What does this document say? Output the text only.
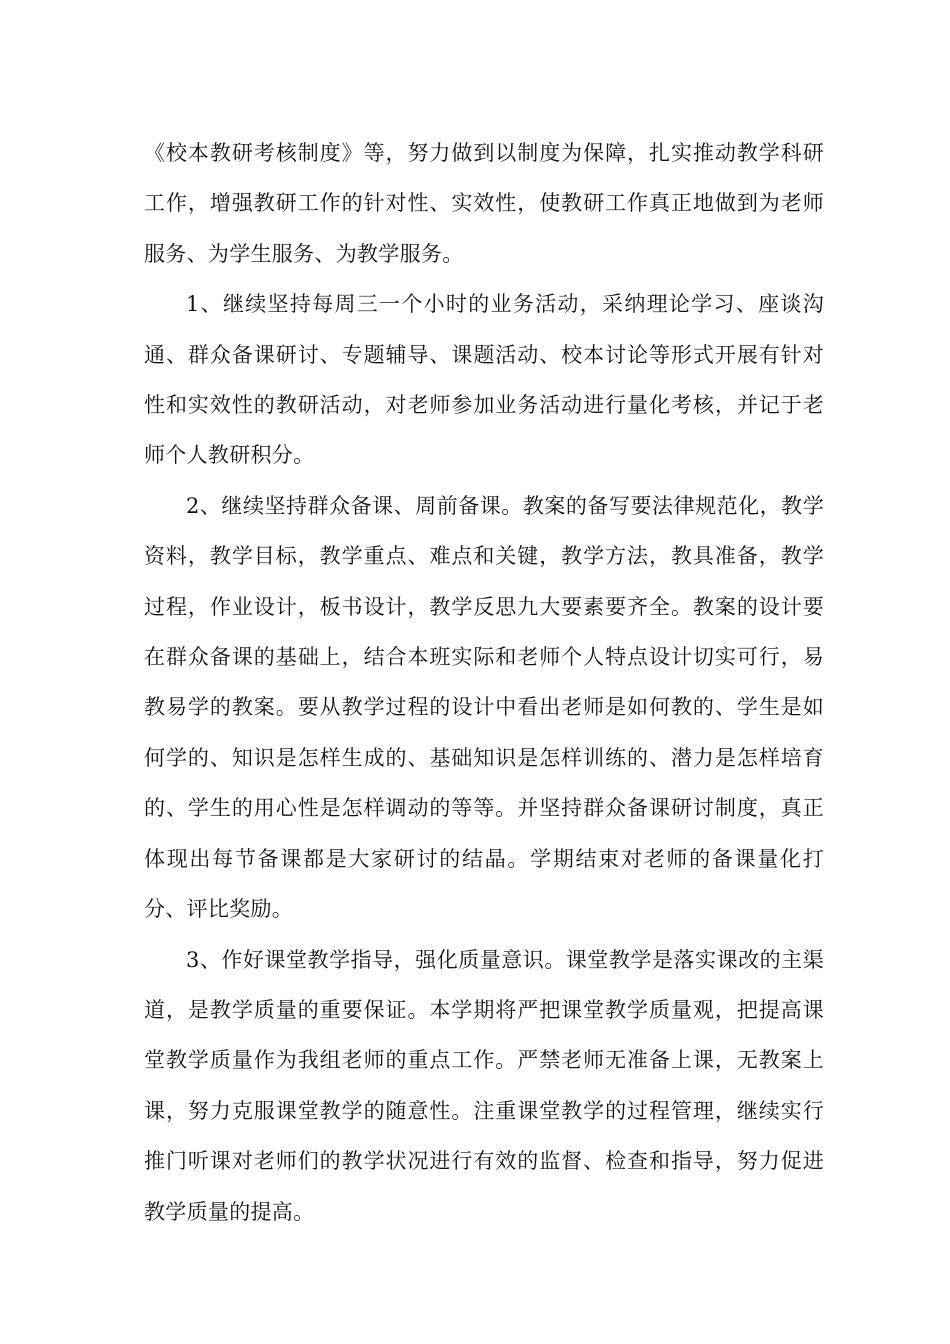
《校本教研考核制度》等，努力做到以制度为保障，扎实推动教学科研工作，增强教研工作的针对性、实效性，使教研工作真正地做到为老师服务、为学生服务、为教学服务。

1、继续坚持每周三一个小时的业务活动，采纳理论学习、座谈沟通、群众备课研讨、专题辅导、课题活动、校本讨论等形式开展有针对性和实效性的教研活动，对老师参加业务活动进行量化考核，并记于老师个人教研积分。

2、继续坚持群众备课、周前备课。教案的备写要法律规范化，教学资料，教学目标，教学重点、难点和关键，教学方法，教具准备，教学过程，作业设计，板书设计，教学反思九大要素要齐全。教案的设计要在群众备课的基础上，结合本班实际和老师个人特点设计切实可行，易教易学的教案。要从教学过程的设计中看出老师是如何教的、学生是如何学的、知识是怎样生成的、基础知识是怎样训练的、潜力是怎样培育的、学生的用心性是怎样调动的等等。并坚持群众备课研讨制度，真正体现出每节备课都是大家研讨的结晶。学期结束对老师的备课量化打分、评比奖励。

3、作好课堂教学指导，强化质量意识。课堂教学是落实课改的主渠道，是教学质量的重要保证。本学期将严把课堂教学质量观，把提高课堂教学质量作为我组老师的重点工作。严禁老师无准备上课，无教案上课，努力克服课堂教学的随意性。注重课堂教学的过程管理，继续实行推门听课对老师们的教学状况进行有效的监督、检查和指导，努力促进教学质量的提高。
